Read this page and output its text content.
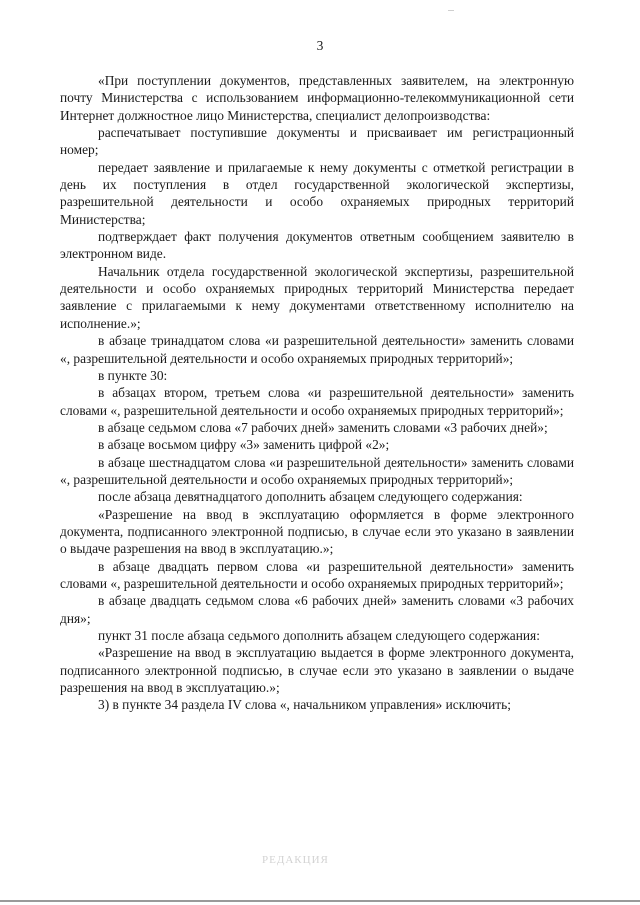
3

«При поступлении документов, представленных заявителем, на электронную почту Министерства с использованием информационно-телекоммуникационной сети Интернет должностное лицо Министерства, специалист делопроизводства:

распечатывает поступившие документы и присваивает им регистрационный номер;

передает заявление и прилагаемые к нему документы с отметкой регистрации в день их поступления в отдел государственной экологической экспертизы, разрешительной деятельности и особо охраняемых природных территорий Министерства;

подтверждает факт получения документов ответным сообщением заявителю в электронном виде.

Начальник отдела государственной экологической экспертизы, разрешительной деятельности и особо охраняемых природных территорий Министерства передает заявление с прилагаемыми к нему документами ответственному исполнителю на исполнение.»;

в абзаце тринадцатом слова «и разрешительной деятельности» заменить словами «, разрешительной деятельности и особо охраняемых природных территорий»;

в пункте 30:

в абзацах втором, третьем слова «и разрешительной деятельности» заменить словами «, разрешительной деятельности и особо охраняемых природных территорий»;

в абзаце седьмом слова «7 рабочих дней» заменить словами «3 рабочих дней»;

в абзаце восьмом цифру «3» заменить цифрой «2»;

в абзаце шестнадцатом слова «и разрешительной деятельности» заменить словами «, разрешительной деятельности и особо охраняемых природных территорий»;

после абзаца девятнадцатого дополнить абзацем следующего содержания:

«Разрешение на ввод в эксплуатацию оформляется в форме электронного документа, подписанного электронной подписью, в случае если это указано в заявлении о выдаче разрешения на ввод в эксплуатацию.»;

в абзаце двадцать первом слова «и разрешительной деятельности» заменить словами «, разрешительной деятельности и особо охраняемых природных территорий»;

в абзаце двадцать седьмом слова «6 рабочих дней» заменить словами «3 рабочих дня»;

пункт 31 после абзаца седьмого дополнить абзацем следующего содержания:

«Разрешение на ввод в эксплуатацию выдается в форме электронного документа, подписанного электронной подписью, в случае если это указано в заявлении о выдаче разрешения на ввод в эксплуатацию.»;

3) в пункте 34 раздела IV слова «, начальником управления» исключить;

РЕДАКЦИЯ
